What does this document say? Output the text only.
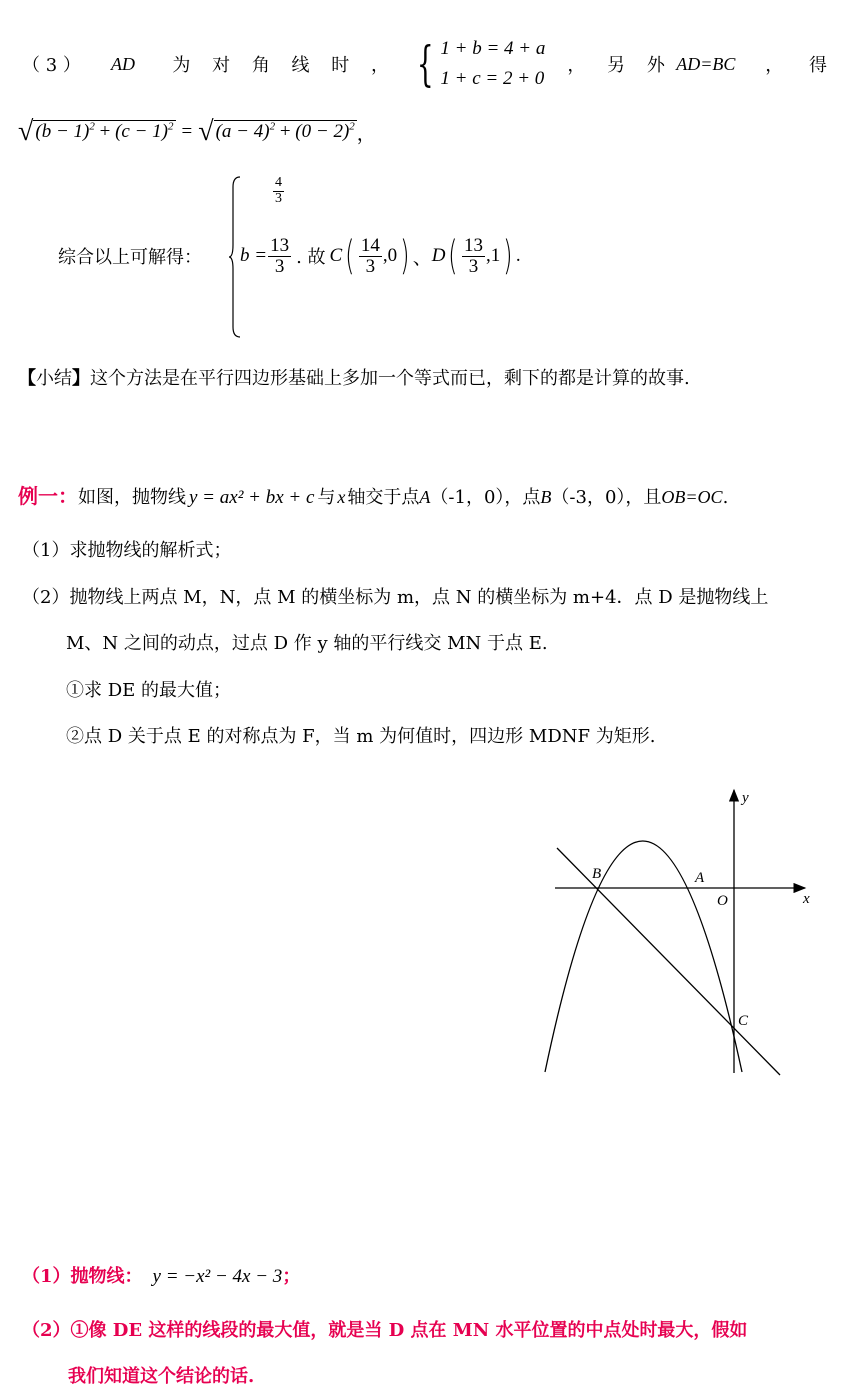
（ 3 ）	AD	为 对 角 线 时 ， { 1 + b = 4 + a
1 + c = 2 + 0
， 另 外 AD=BC	， 得
√ $(b - 1)^2 + (c - 1)^2$ = √ $(a - 4)^2 + (0 - 2)^2$ ，
综合以上可解得：
$\frac{4}{3}$
$b = \frac{13}{3}$ . 故 C ( $\frac{14}{3} ,0$ ) 、 D ( $\frac{13}{3} ,1$ ) .
【小结】这个方法是在平行四边形基础上多加一个等式而已，剩下的都是计算的故事.
例一： 如图，抛物线 y = ax² + bx + c 与 x 轴交于点 A （-1，0），点 B （-3，0），且 OB=OC .
（1）求抛物线的解析式；
（2）抛物线上两点 M，N，点 M 的横坐标为 m，点 N 的横坐标为 m+4．点 D 是抛物线上
M、N 之间的动点，过点 D 作 y 轴的平行线交 MN 于点 E.
①求 DE 的最大值；
②点 D 关于点 E 的对称点为 F，当 m 为何值时，四边形 MDNF 为矩形.
y
x
O
A
B
C
（1）抛物线： y = −x² − 4x − 3 ；
（2）①像 DE 这样的线段的最大值，就是当 D 点在 MN 水平位置的中点处时最大，假如
我们知道这个结论的话.
